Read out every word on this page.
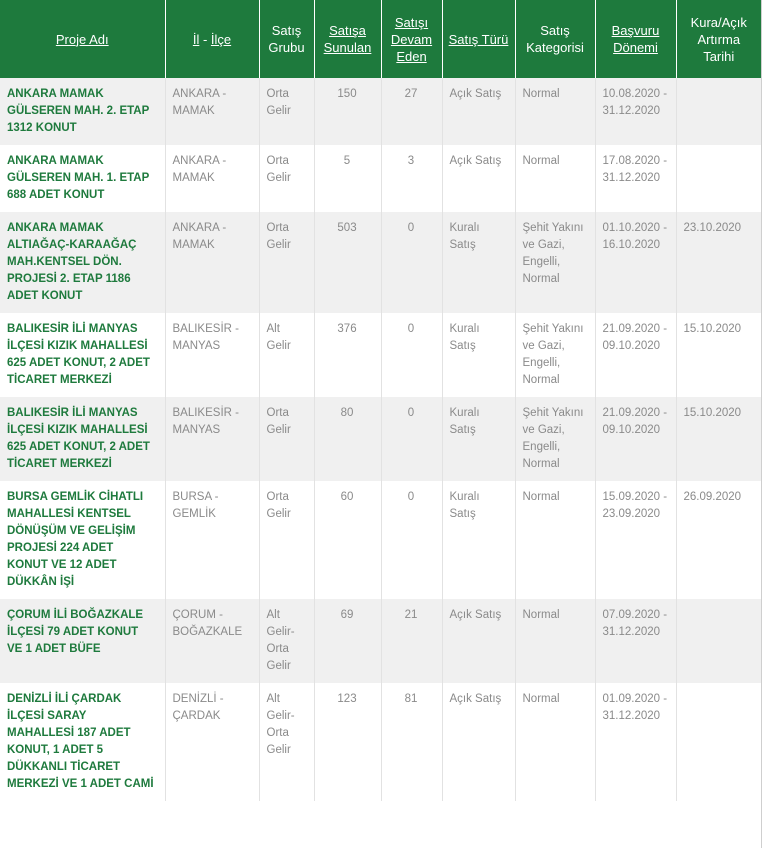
Proje Adı	İl - İlçe	Satış Grubu	Satışa Sunulan	Satışı Devam Eden	Satış Türü	Satış Kategorisi	Başvuru Dönemi	Kura/Açık Artırma Tarihi
ANKARA MAMAK GÜLSEREN MAH. 2. ETAP 1312 KONUT	ANKARA - MAMAK	Orta Gelir	150	27	Açık Satış	Normal	10.08.2020 - 31.12.2020	
ANKARA MAMAK GÜLSEREN MAH. 1. ETAP 688 ADET KONUT	ANKARA - MAMAK	Orta Gelir	5	3	Açık Satış	Normal	17.08.2020 - 31.12.2020	
ANKARA MAMAK ALTIAĞAÇ-KARAAĞAÇ MAH.KENTSEL DÖN. PROJESİ 2. ETAP 1186 ADET KONUT	ANKARA - MAMAK	Orta Gelir	503	0	Kuralı Satış	Şehit Yakını ve Gazi, Engelli, Normal	01.10.2020 - 16.10.2020	23.10.2020
BALIKESİR İLİ MANYAS İLÇESİ KIZIK MAHALLESİ 625 ADET KONUT, 2 ADET TİCARET MERKEZİ	BALIKESİR - MANYAS	Alt Gelir	376	0	Kuralı Satış	Şehit Yakını ve Gazi, Engelli, Normal	21.09.2020 - 09.10.2020	15.10.2020
BALIKESİR İLİ MANYAS İLÇESİ KIZIK MAHALLESİ 625 ADET KONUT, 2 ADET TİCARET MERKEZİ	BALIKESİR - MANYAS	Orta Gelir	80	0	Kuralı Satış	Şehit Yakını ve Gazi, Engelli, Normal	21.09.2020 - 09.10.2020	15.10.2020
BURSA GEMLİK CİHATLI MAHALLESİ KENTSEL DÖNÜŞÜM VE GELİŞİM PROJESİ 224 ADET KONUT VE 12 ADET DÜKKÂN İŞİ	BURSA - GEMLİK	Orta Gelir	60	0	Kuralı Satış	Normal	15.09.2020 - 23.09.2020	26.09.2020
ÇORUM İLİ BOĞAZKALE İLÇESİ 79 ADET KONUT VE 1 ADET BÜFE	ÇORUM - BOĞAZKALE	Alt Gelir-Orta Gelir	69	21	Açık Satış	Normal	07.09.2020 - 31.12.2020	
DENİZLİ İLİ ÇARDAK İLÇESİ SARAY MAHALLESİ 187 ADET KONUT, 1 ADET 5 DÜKKANLI TİCARET MERKEZİ VE 1 ADET CAMİ	DENİZLİ - ÇARDAK	Alt Gelir-Orta Gelir	123	81	Açık Satış	Normal	01.09.2020 - 31.12.2020	
